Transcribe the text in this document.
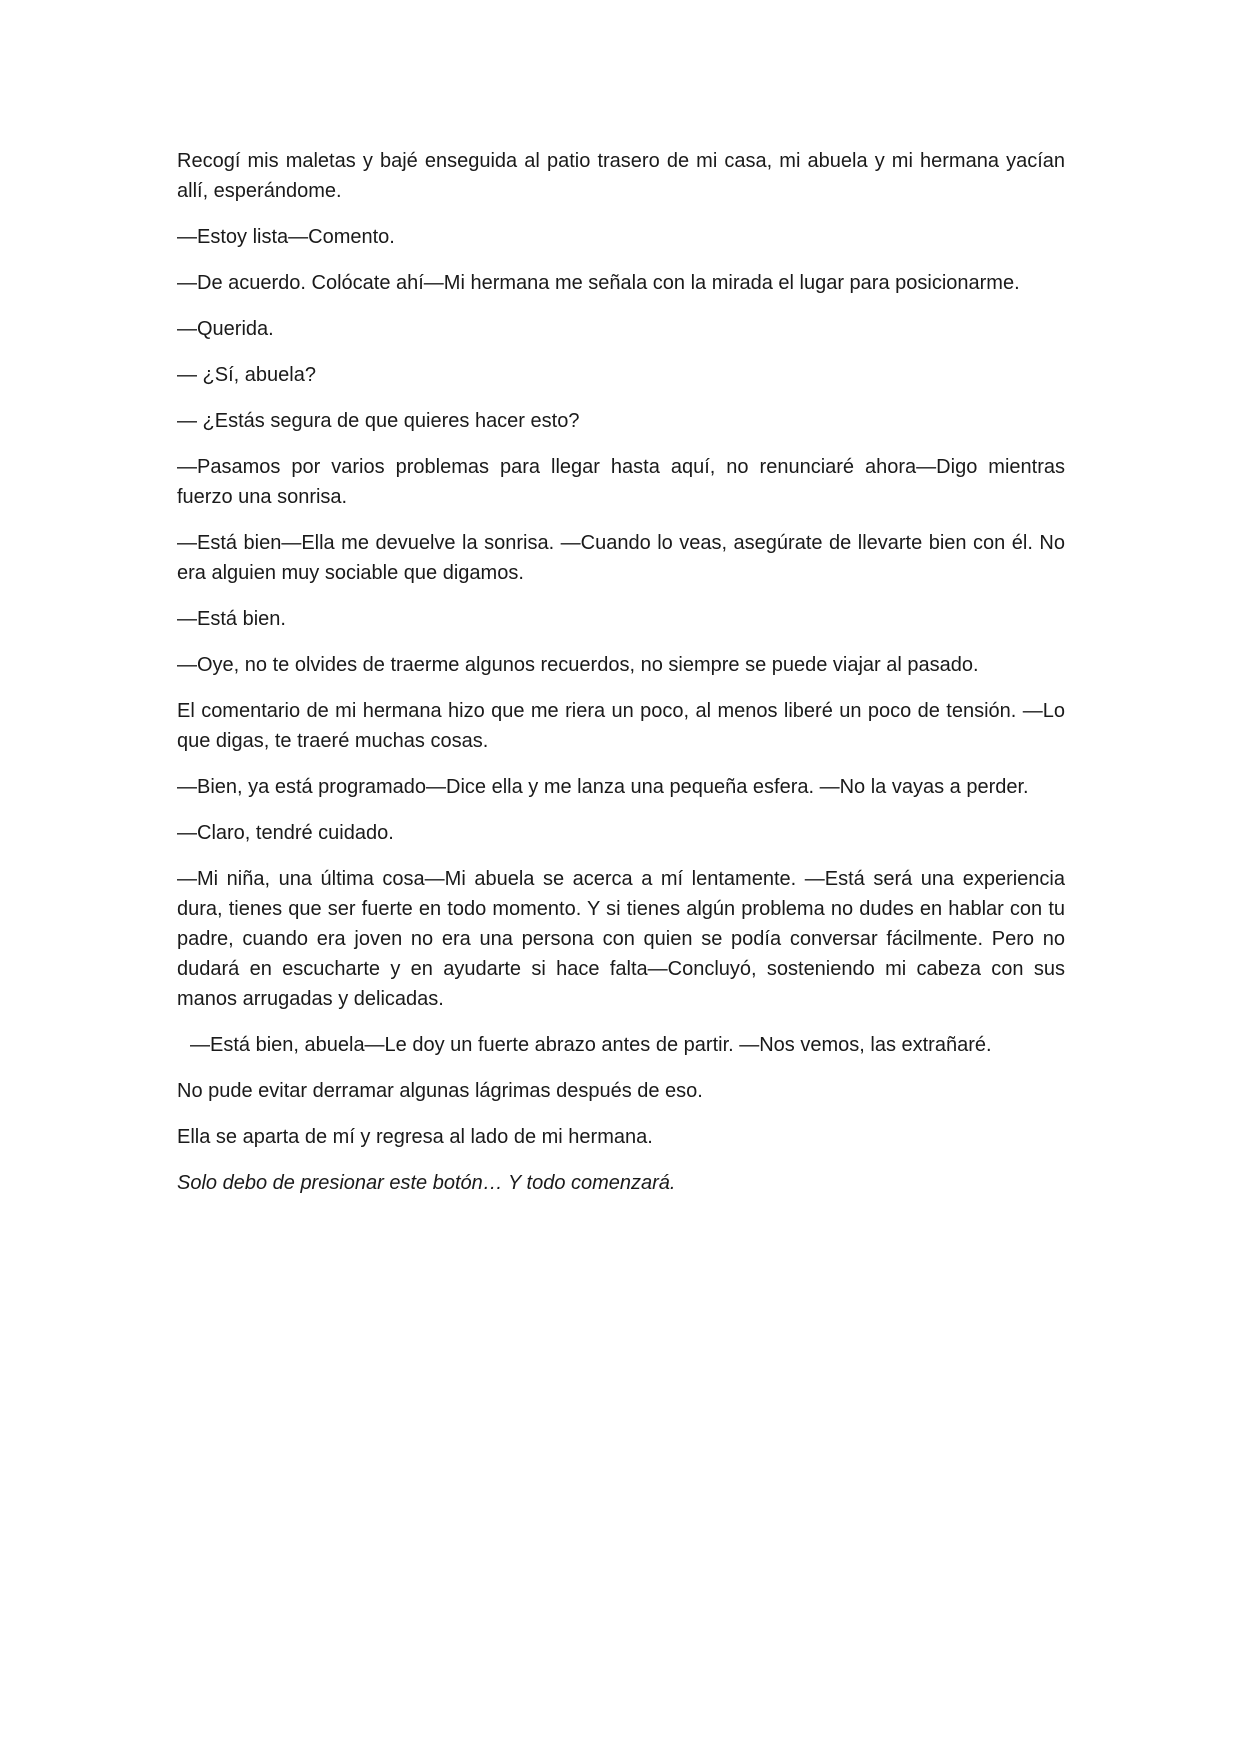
Recogí mis maletas y bajé enseguida al patio trasero de mi casa, mi abuela y mi hermana yacían allí, esperándome.

—Estoy lista—Comento.

—De acuerdo. Colócate ahí—Mi hermana me señala con la mirada el lugar para posicionarme.

—Querida.

— ¿Sí, abuela?

— ¿Estás segura de que quieres hacer esto?

—Pasamos por varios problemas para llegar hasta aquí, no renunciaré ahora—Digo mientras fuerzo una sonrisa.

—Está bien—Ella me devuelve la sonrisa. —Cuando lo veas, asegúrate de llevarte bien con él. No era alguien muy sociable que digamos.

—Está bien.

—Oye, no te olvides de traerme algunos recuerdos, no siempre se puede viajar al pasado.

El comentario de mi hermana hizo que me riera un poco, al menos liberé un poco de tensión. —Lo que digas, te traeré muchas cosas.

—Bien, ya está programado—Dice ella y me lanza una pequeña esfera. —No la vayas a perder.

—Claro, tendré cuidado.

—Mi niña, una última cosa—Mi abuela se acerca a mí lentamente. —Está será una experiencia dura, tienes que ser fuerte en todo momento. Y si tienes algún problema no dudes en hablar con tu padre, cuando era joven no era una persona con quien se podía conversar fácilmente. Pero no dudará en escucharte y en ayudarte si hace falta—Concluyó, sosteniendo mi cabeza con sus manos arrugadas y delicadas.

—Está bien, abuela—Le doy un fuerte abrazo antes de partir. —Nos vemos, las extrañaré.

No pude evitar derramar algunas lágrimas después de eso.

Ella se aparta de mí y regresa al lado de mi hermana.

Solo debo de presionar este botón… Y todo comenzará.
